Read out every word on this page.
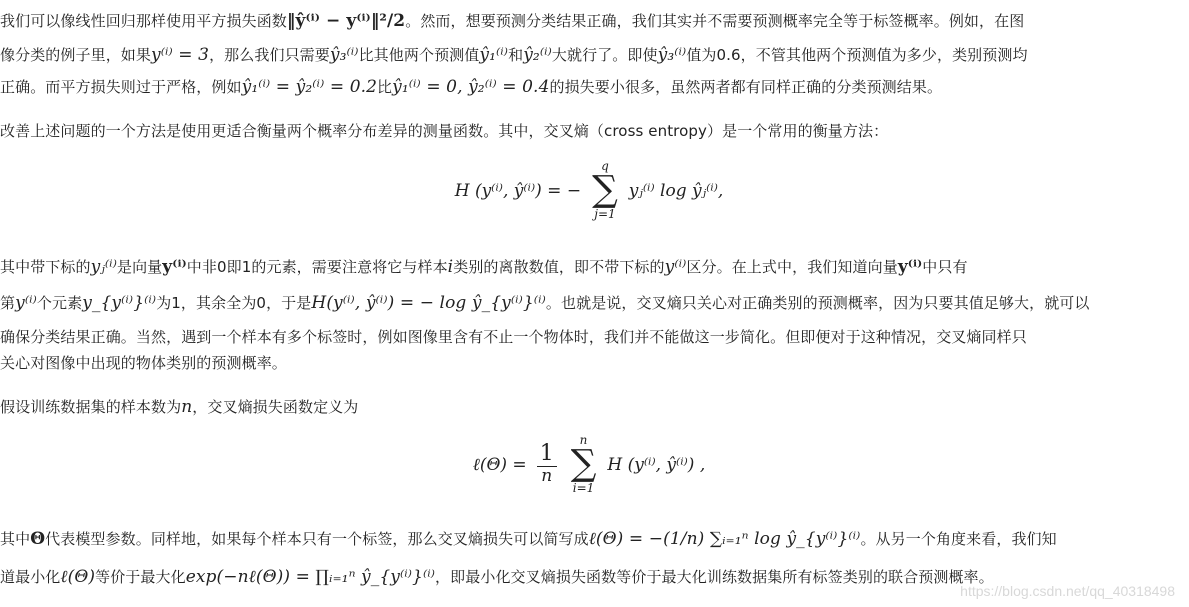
我们可以像线性回归那样使用平方损失函数‖ŷ⁽ⁱ⁾ − y⁽ⁱ⁾‖²/2。然而，想要预测分类结果正确，我们其实并不需要预测概率完全等于标签概率。例如，在图

像分类的例子里，如果y⁽ⁱ⁾ = 3，那么我们只需要ŷ₃⁽ⁱ⁾比其他两个预测值ŷ₁⁽ⁱ⁾和ŷ₂⁽ⁱ⁾大就行了。即使ŷ₃⁽ⁱ⁾值为0.6，不管其他两个预测值为多少，类别预测均

正确。而平方损失则过于严格，例如ŷ₁⁽ⁱ⁾ = ŷ₂⁽ⁱ⁾ = 0.2比ŷ₁⁽ⁱ⁾ = 0, ŷ₂⁽ⁱ⁾ = 0.4的损失要小很多，虽然两者都有同样正确的分类预测结果。

改善上述问题的一个方法是使用更适合衡量两个概率分布差异的测量函数。其中，交叉熵（cross entropy）是一个常用的衡量方法：

H (y⁽ⁱ⁾, ŷ⁽ⁱ⁾) = −
q
∑
j=1
yⱼ⁽ⁱ⁾ log ŷⱼ⁽ⁱ⁾,

其中带下标的yⱼ⁽ⁱ⁾是向量y⁽ⁱ⁾中非0即1的元素，需要注意将它与样本i类别的离散数值，即不带下标的y⁽ⁱ⁾区分。在上式中，我们知道向量y⁽ⁱ⁾中只有

第y⁽ⁱ⁾个元素y_{y⁽ⁱ⁾}⁽ⁱ⁾为1，其余全为0，于是H(y⁽ⁱ⁾, ŷ⁽ⁱ⁾) = − log ŷ_{y⁽ⁱ⁾}⁽ⁱ⁾。也就是说，交叉熵只关心对正确类别的预测概率，因为只要其值足够大，就可以

确保分类结果正确。当然，遇到一个样本有多个标签时，例如图像里含有不止一个物体时，我们并不能做这一步简化。但即便对于这种情况，交叉熵同样只

关心对图像中出现的物体类别的预测概率。

假设训练数据集的样本数为n，交叉熵损失函数定义为

ℓ(Θ) = $\frac{1}{n}$

n
∑
i=1
H (y⁽ⁱ⁾, ŷ⁽ⁱ⁾) ,

其中Θ代表模型参数。同样地，如果每个样本只有一个标签，那么交叉熵损失可以简写成ℓ(Θ) = −(1/n) ∑ᵢ₌₁ⁿ log ŷ_{y⁽ⁱ⁾}⁽ⁱ⁾。从另一个角度来看，我们知

道最小化ℓ(Θ)等价于最大化exp(−nℓ(Θ)) = ∏ᵢ₌₁ⁿ ŷ_{y⁽ⁱ⁾}⁽ⁱ⁾，即最小化交叉熵损失函数等价于最大化训练数据集所有标签类别的联合预测概率。

https://blog.csdn.net/qq_40318498
